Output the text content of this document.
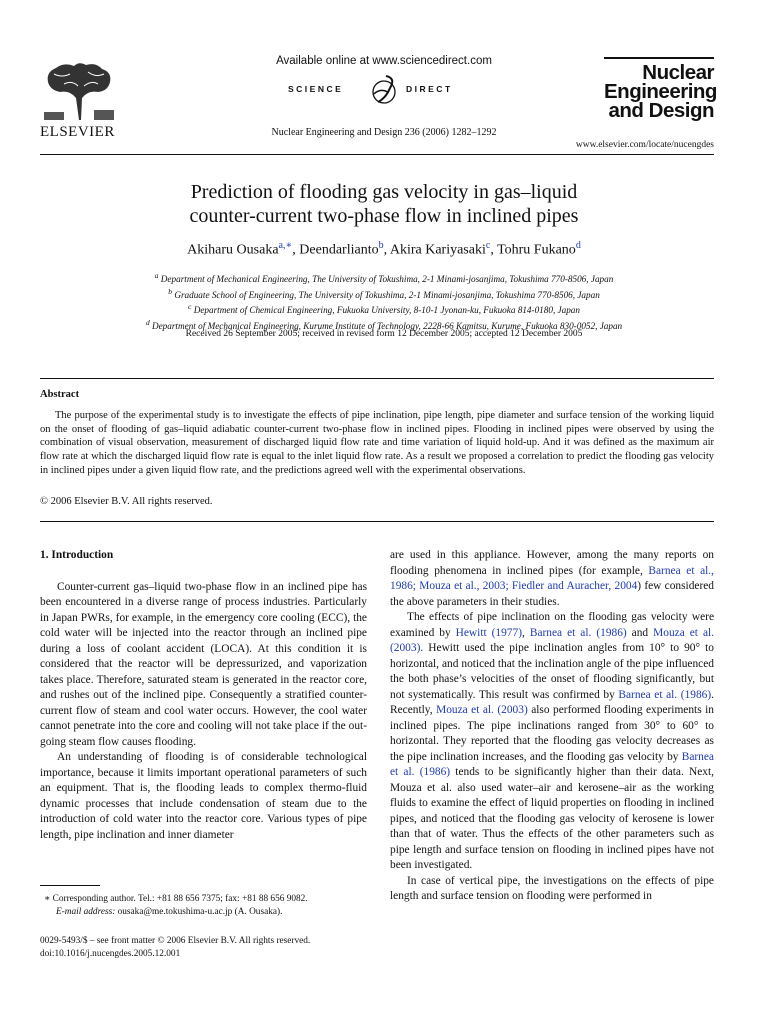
ELSEVIER
Available online at www.sciencedirect.com
SCIENCE	DIRECT
Nuclear Engineering and Design 236 (2006) 1282–1292
Nuclear
Engineering
and Design
www.elsevier.com/locate/nucengdes
Prediction of flooding gas velocity in gas–liquid
counter-current two-phase flow in inclined pipes
Akiharu Ousaka$^{a,∗}$, Deendarlianto$^b$, Akira Kariyasaki$^c$, Tohru Fukano$^d$
$^a$ Department of Mechanical Engineering, The University of Tokushima, 2-1 Minami-josanjima, Tokushima 770-8506, Japan
$^b$ Graduate School of Engineering, The University of Tokushima, 2-1 Minami-josanjima, Tokushima 770-8506, Japan
$^c$ Department of Chemical Engineering, Fukuoka University, 8-10-1 Jyonan-ku, Fukuoka 814-0180, Japan
$^d$ Department of Mechanical Engineering, Kurume Institute of Technology, 2228-66 Kamitsu, Kurume, Fukuoka 830-0052, Japan
Received 26 September 2005; received in revised form 12 December 2005; accepted 12 December 2005
Abstract
The purpose of the experimental study is to investigate the effects of pipe inclination, pipe length, pipe diameter and surface tension of the working liquid on the onset of flooding of gas–liquid adiabatic counter-current two-phase flow in inclined pipes. Flooding in inclined pipes were observed by using the combination of visual observation, measurement of discharged liquid flow rate and time variation of liquid hold-up. And it was defined as the maximum air flow rate at which the discharged liquid flow rate is equal to the inlet liquid flow rate. As a result we proposed a correlation to predict the flooding gas velocity in inclined pipes under a given liquid flow rate, and the predictions agreed well with the experimental observations.
© 2006 Elsevier B.V. All rights reserved.
1. Introduction

Counter-current gas–liquid two-phase flow in an inclined pipe has been encountered in a diverse range of process industries. Particularly in Japan PWRs, for example, in the emergency core cooling (ECC), the cold water will be injected into the reactor through an inclined pipe during a loss of coolant accident (LOCA). At this condition it is considered that the reactor will be depressurized, and vaporization takes place. Therefore, saturated steam is generated in the reactor core, and rushes out of the inclined pipe. Consequently a stratified counter-current flow of steam and cool water occurs. However, the cool water cannot penetrate into the core and cooling will not take place if the out-going steam flow causes flooding.

An understanding of flooding is of considerable technological importance, because it limits important operational parameters of such an equipment. That is, the flooding leads to complex thermo-fluid dynamic processes that include condensation of steam due to the introduction of cold water into the reactor core. Various types of pipe length, pipe inclination and inner diameter

are used in this appliance. However, among the many reports on flooding phenomena in inclined pipes (for example, Barnea et al., 1986; Mouza et al., 2003; Fiedler and Auracher, 2004) few considered the above parameters in their studies.

The effects of pipe inclination on the flooding gas velocity were examined by Hewitt (1977), Barnea et al. (1986) and Mouza et al. (2003). Hewitt used the pipe inclination angles from 10° to 90° to horizontal, and noticed that the inclination angle of the pipe influenced the both phase’s velocities of the onset of flooding significantly, but not systematically. This result was confirmed by Barnea et al. (1986). Recently, Mouza et al. (2003) also performed flooding experiments in inclined pipes. The pipe inclinations ranged from 30° to 60° to horizontal. They reported that the flooding gas velocity decreases as the pipe inclination increases, and the flooding gas velocity by Barnea et al. (1986) tends to be significantly higher than their data. Next, Mouza et al. also used water–air and kerosene–air as the working fluids to examine the effect of liquid properties on flooding in inclined pipes, and noticed that the flooding gas velocity of kerosene is lower than that of water. Thus the effects of the other parameters such as pipe length and surface tension on flooding in inclined pipes have not been investigated.

In case of vertical pipe, the investigations on the effects of pipe length and surface tension on flooding were performed in

∗ Corresponding author. Tel.: +81 88 656 7375; fax: +81 88 656 9082.
E-mail address: ousaka@me.tokushima-u.ac.jp (A. Ousaka).
0029-5493/$ – see front matter © 2006 Elsevier B.V. All rights reserved.
doi:10.1016/j.nucengdes.2005.12.001
